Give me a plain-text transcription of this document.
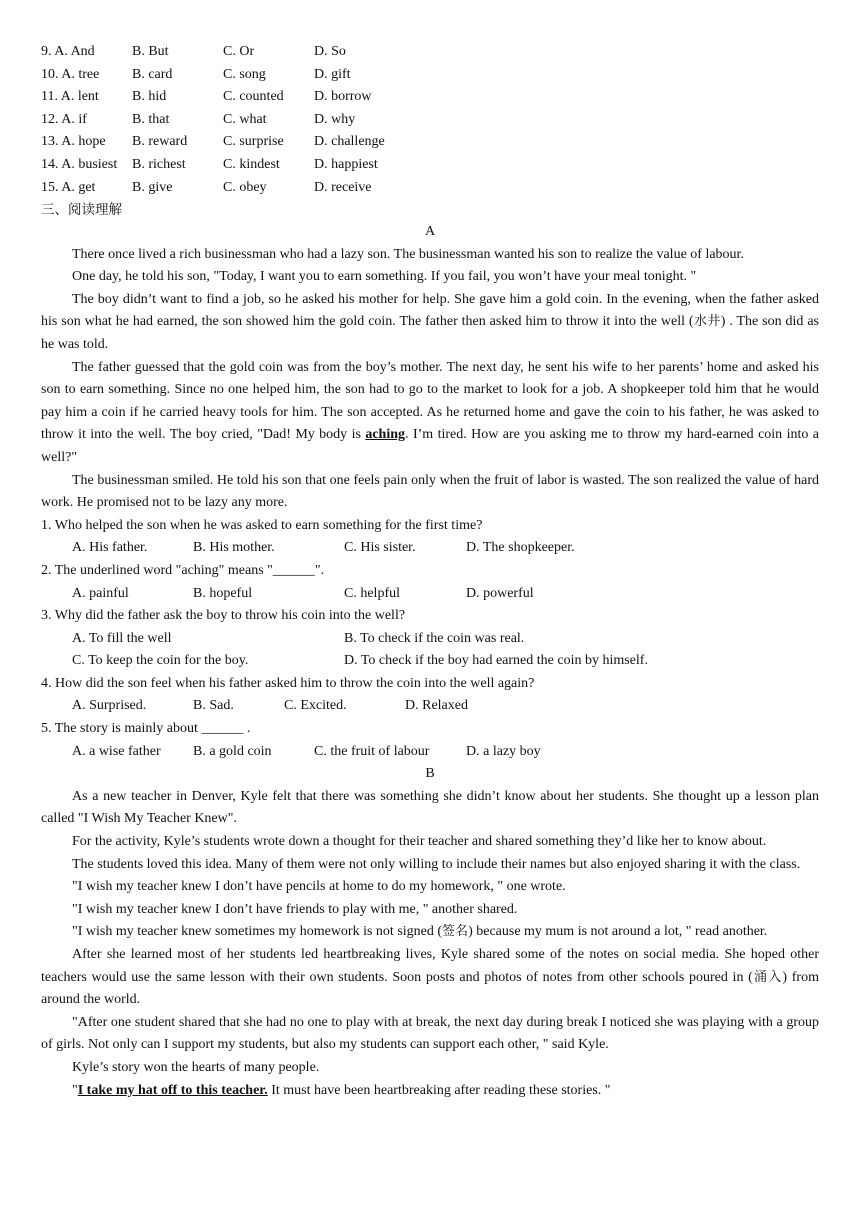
9. A. And	B. But	C. Or	D. So
10. A. tree B. card	C. song	D. gift
11. A. lent B. hid	C. counted D. borrow
12. A. if	B. that	C. what	D. why
13. A. hope B. reward	C. surprise D. challenge
14. A. busiest B. richest	C. kindest D. happiest
15. A. get	B. give	C. obey	D. receive
三、阅读理解
A

There once lived a rich businessman who had a lazy son. The businessman wanted his son to realize the value of labour.

One day, he told his son, "Today, I want you to earn something. If you fail, you won’t have your meal tonight. "

The boy didn’t want to find a job, so he asked his mother for help. She gave him a gold coin. In the evening, when the father asked his son what he had earned, the son showed him the gold coin. The father then asked him to throw it into the well (水井) . The son did as he was told.

The father guessed that the gold coin was from the boy’s mother. The next day, he sent his wife to her parents’ home and asked his son to earn something. Since no one helped him, the son had to go to the market to look for a job. A shopkeeper told him that he would pay him a coin if he carried heavy tools for him. The son accepted. As he returned home and gave the coin to his father, he was asked to throw it into the well. The boy cried, "Dad! My body is aching. I’m tired. How are you asking me to throw my hard-earned coin into a well?"

The businessman smiled. He told his son that one feels pain only when the fruit of labor is wasted. The son realized the value of hard work. He promised not to be lazy any more.

1. Who helped the son when he was asked to earn something for the first time?
A. His father.	B. His mother.	C. His sister.	D. The shopkeeper.
2. The underlined word "aching" means "______".
A. painful	B. hopeful	C. helpful	D. powerful
3. Why did the father ask the boy to throw his coin into the well?
A. To fill the well	B. To check if the coin was real.
C. To keep the coin for the boy.	D. To check if the boy had earned the coin by himself.
4. How did the son feel when his father asked him to throw the coin into the well again?
A. Surprised.	B. Sad.	C. Excited.	D. Relaxed
5. The story is mainly about ______ .
A. a wise father B. a gold coin	C. the fruit of labour	D. a lazy boy
B

As a new teacher in Denver, Kyle felt that there was something she didn’t know about her students. She thought up a lesson plan called "I Wish My Teacher Knew".

For the activity, Kyle’s students wrote down a thought for their teacher and shared something they’d like her to know about.

The students loved this idea. Many of them were not only willing to include their names but also enjoyed sharing it with the class.

"I wish my teacher knew I don’t have pencils at home to do my homework, " one wrote.

"I wish my teacher knew I don’t have friends to play with me, " another shared.

"I wish my teacher knew sometimes my homework is not signed (签名) because my mum is not around a lot, " read another.

After she learned most of her students led heartbreaking lives, Kyle shared some of the notes on social media. She hoped other teachers would use the same lesson with their own students. Soon posts and photos of notes from other schools poured in (涌入) from around the world.

"After one student shared that she had no one to play with at break, the next day during break I noticed she was playing with a group of girls. Not only can I support my students, but also my students can support each other, " said Kyle.

Kyle’s story won the hearts of many people.

"I take my hat off to this teacher. It must have been heartbreaking after reading these stories. "
